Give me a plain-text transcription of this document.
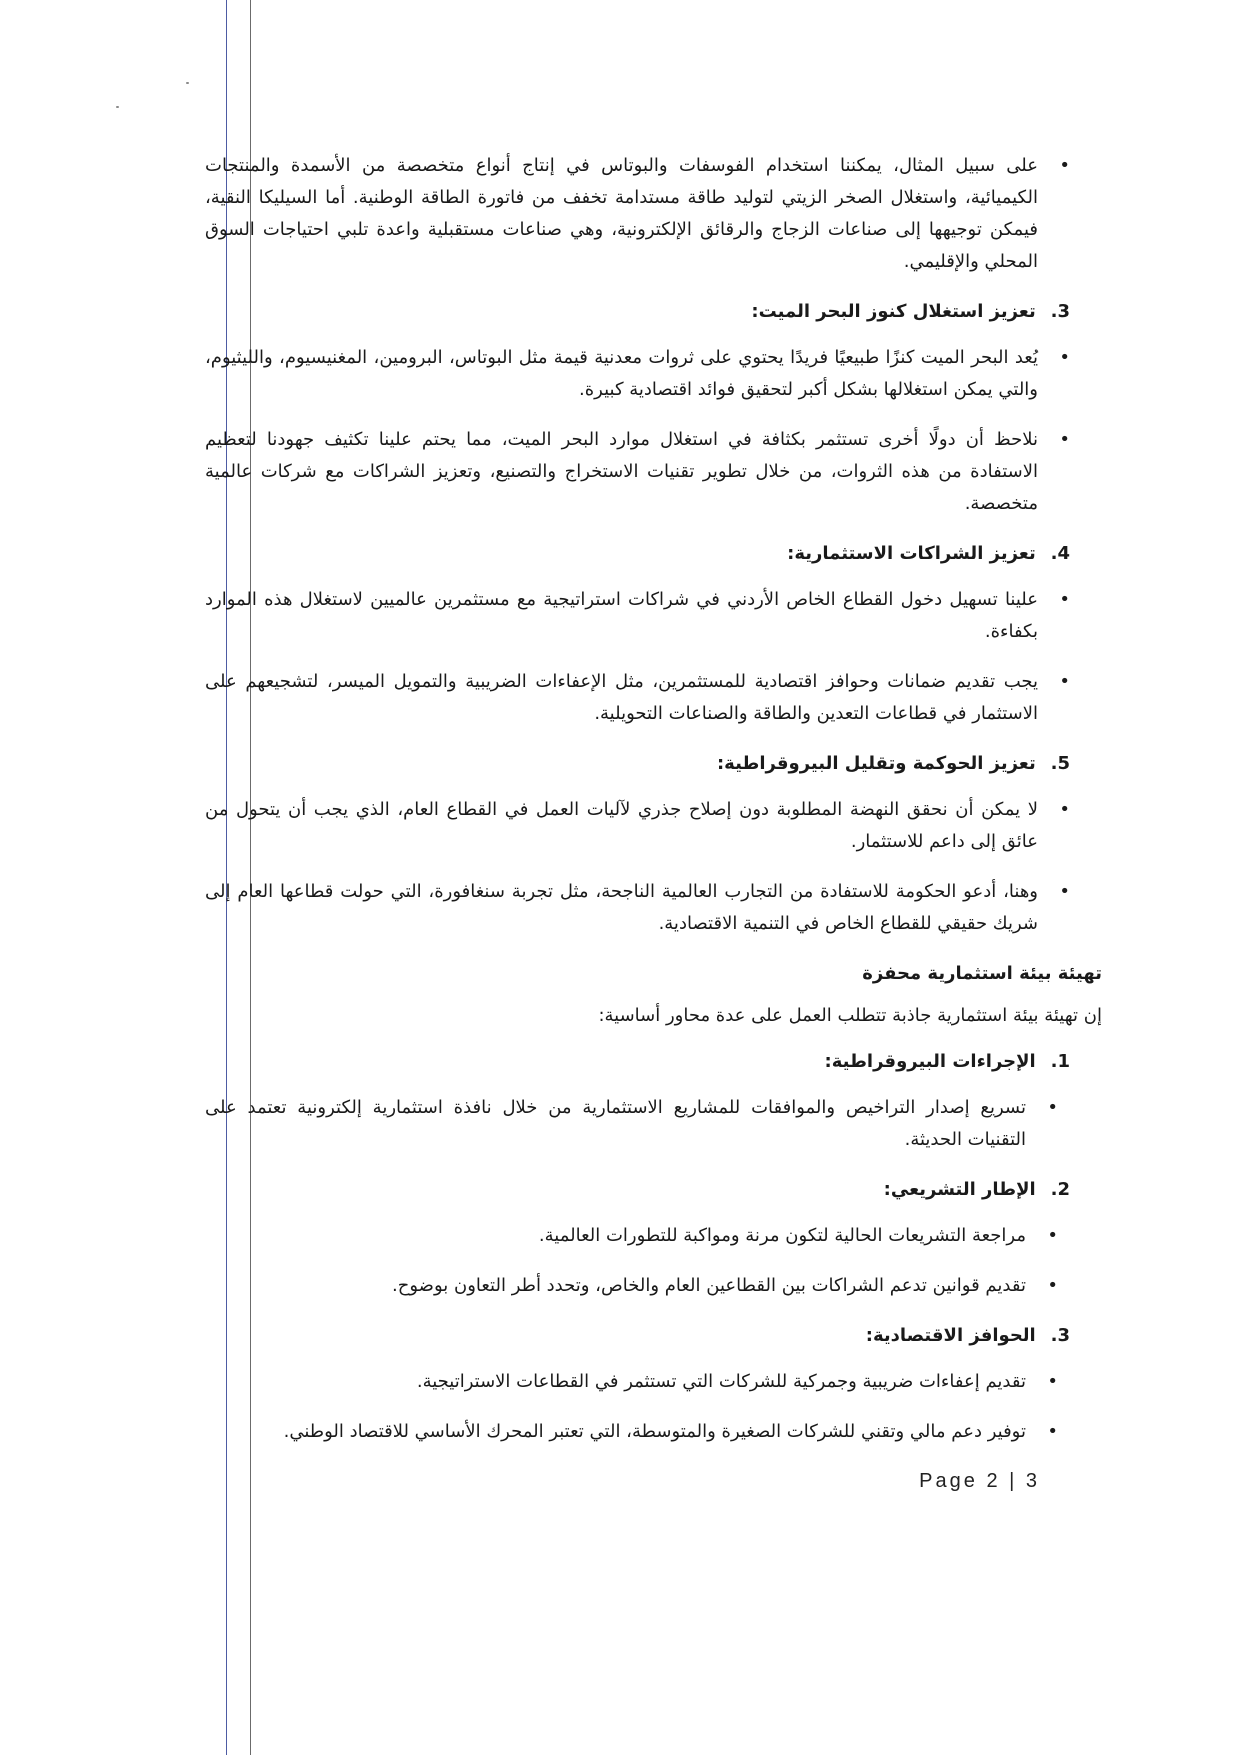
•
على سبيل المثال، يمكننا استخدام الفوسفات والبوتاس في إنتاج أنواع متخصصة من الأسمدة والمنتجات الكيميائية، واستغلال الصخر الزيتي لتوليد طاقة مستدامة تخفف من فاتورة الطاقة الوطنية. أما السيليكا النقية، فيمكن توجيهها إلى صناعات الزجاج والرقائق الإلكترونية، وهي صناعات مستقبلية واعدة تلبي احتياجات السوق المحلي والإقليمي.

3. تعزيز استغلال كنوز البحر الميت:

•
يُعد البحر الميت كنزًا طبيعيًا فريدًا يحتوي على ثروات معدنية قيمة مثل البوتاس، البرومين، المغنيسيوم، والليثيوم، والتي يمكن استغلالها بشكل أكبر لتحقيق فوائد اقتصادية كبيرة.

•
نلاحظ أن دولًا أخرى تستثمر بكثافة في استغلال موارد البحر الميت، مما يحتم علينا تكثيف جهودنا لتعظيم الاستفادة من هذه الثروات، من خلال تطوير تقنيات الاستخراج والتصنيع، وتعزيز الشراكات مع شركات عالمية متخصصة.

4. تعزيز الشراكات الاستثمارية:

•
علينا تسهيل دخول القطاع الخاص الأردني في شراكات استراتيجية مع مستثمرين عالميين لاستغلال هذه الموارد بكفاءة.

•
يجب تقديم ضمانات وحوافز اقتصادية للمستثمرين، مثل الإعفاءات الضريبية والتمويل الميسر، لتشجيعهم على الاستثمار في قطاعات التعدين والطاقة والصناعات التحويلية.

5. تعزيز الحوكمة وتقليل البيروقراطية:

•
لا يمكن أن نحقق النهضة المطلوبة دون إصلاح جذري لآليات العمل في القطاع العام، الذي يجب أن يتحول من عائق إلى داعم للاستثمار.

•
وهنا، أدعو الحكومة للاستفادة من التجارب العالمية الناجحة، مثل تجربة سنغافورة، التي حولت قطاعها العام إلى شريك حقيقي للقطاع الخاص في التنمية الاقتصادية.

تهيئة بيئة استثمارية محفزة
إن تهيئة بيئة استثمارية جاذبة تتطلب العمل على عدة محاور أساسية:
1. الإجراءات البيروقراطية:

•
تسريع إصدار التراخيص والموافقات للمشاريع الاستثمارية من خلال نافذة استثمارية إلكترونية تعتمد على التقنيات الحديثة.

2. الإطار التشريعي:

•
مراجعة التشريعات الحالية لتكون مرنة ومواكبة للتطورات العالمية.

•
تقديم قوانين تدعم الشراكات بين القطاعين العام والخاص، وتحدد أطر التعاون بوضوح.

3. الحوافز الاقتصادية:

•
تقديم إعفاءات ضريبية وجمركية للشركات التي تستثمر في القطاعات الاستراتيجية.

•
توفير دعم مالي وتقني للشركات الصغيرة والمتوسطة، التي تعتبر المحرك الأساسي للاقتصاد الوطني.

Page 2 | 3
